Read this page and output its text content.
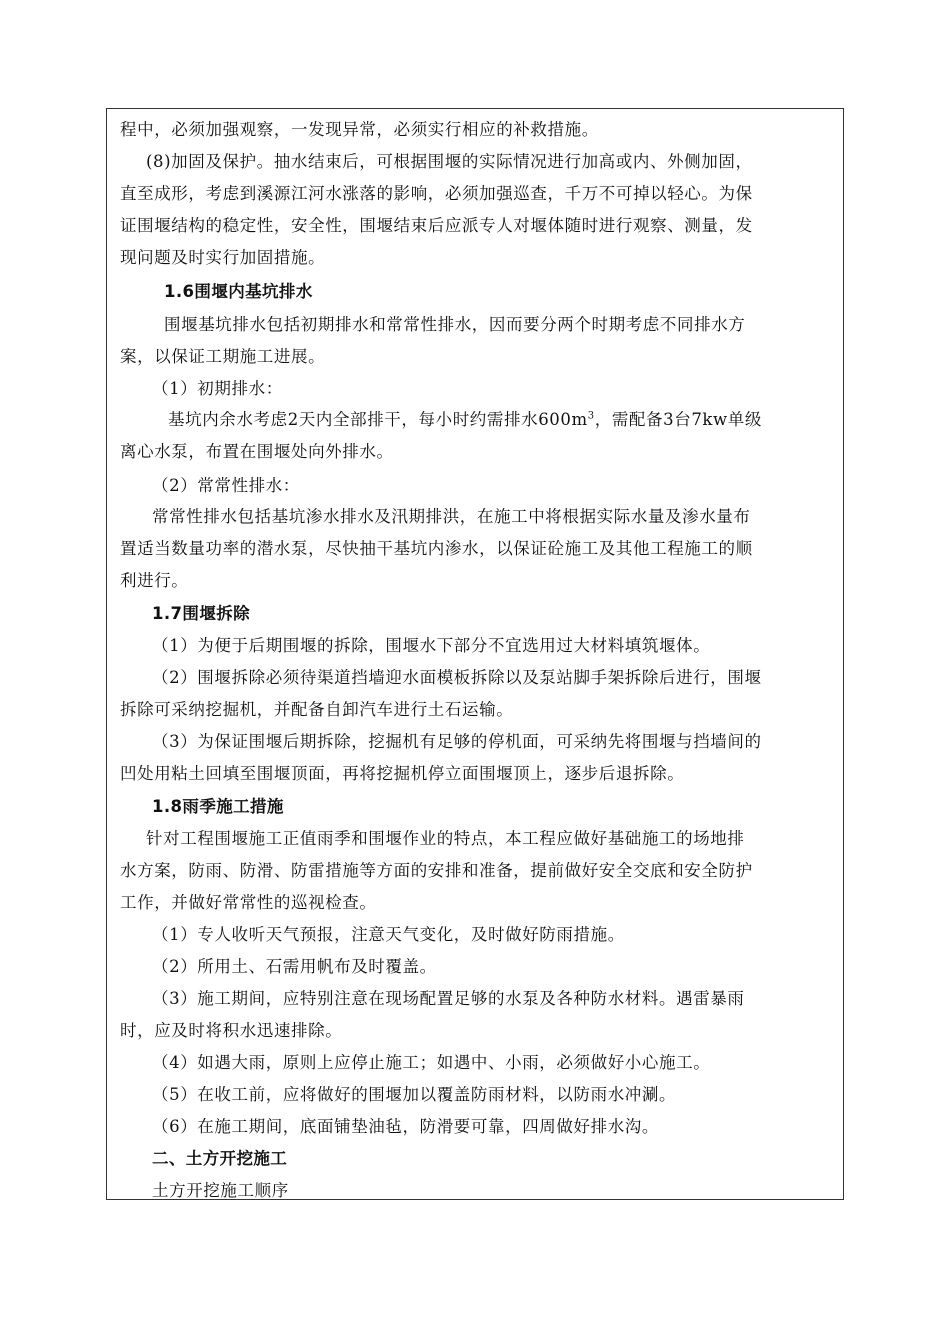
程中，必须加强观察，一发现异常，必须实行相应的补救措施。
(8)加固及保护。抽水结束后，可根据围堰的实际情况进行加高或内、外侧加固，
直至成形，考虑到溪源江河水涨落的影响，必须加强巡查，千万不可掉以轻心。为保
证围堰结构的稳定性，安全性，围堰结束后应派专人对堰体随时进行观察、测量，发
现问题及时实行加固措施。
1.6围堰内基坑排水
围堰基坑排水包括初期排水和常常性排水，因而要分两个时期考虑不同排水方
案，以保证工期施工进展。
（1）初期排水：
基坑内余水考虑2天内全部排干，每小时约需排水$600m^3$，需配备3台7kw单级
离心水泵，布置在围堰处向外排水。
（2）常常性排水：
常常性排水包括基坑渗水排水及汛期排洪，在施工中将根据实际水量及渗水量布
置适当数量功率的潜水泵，尽快抽干基坑内渗水，以保证砼施工及其他工程施工的顺
利进行。
1.7围堰拆除
（1）为便于后期围堰的拆除，围堰水下部分不宜选用过大材料填筑堰体。
（2）围堰拆除必须待渠道挡墙迎水面模板拆除以及泵站脚手架拆除后进行，围堰
拆除可采纳挖掘机，并配备自卸汽车进行土石运输。
（3）为保证围堰后期拆除，挖掘机有足够的停机面，可采纳先将围堰与挡墙间的
凹处用粘土回填至围堰顶面，再将挖掘机停立面围堰顶上，逐步后退拆除。
1.8雨季施工措施
针对工程围堰施工正值雨季和围堰作业的特点，本工程应做好基础施工的场地排
水方案，防雨、防滑、防雷措施等方面的安排和准备，提前做好安全交底和安全防护
工作，并做好常常性的巡视检查。
（1）专人收听天气预报，注意天气变化，及时做好防雨措施。
（2）所用土、石需用帆布及时覆盖。
（3）施工期间，应特别注意在现场配置足够的水泵及各种防水材料。遇雷暴雨
时，应及时将积水迅速排除。
（4）如遇大雨，原则上应停止施工；如遇中、小雨，必须做好小心施工。
（5）在收工前，应将做好的围堰加以覆盖防雨材料，以防雨水冲涮。
（6）在施工期间，底面铺垫油毡，防滑要可靠，四周做好排水沟。
二、土方开挖施工
土方开挖施工顺序
